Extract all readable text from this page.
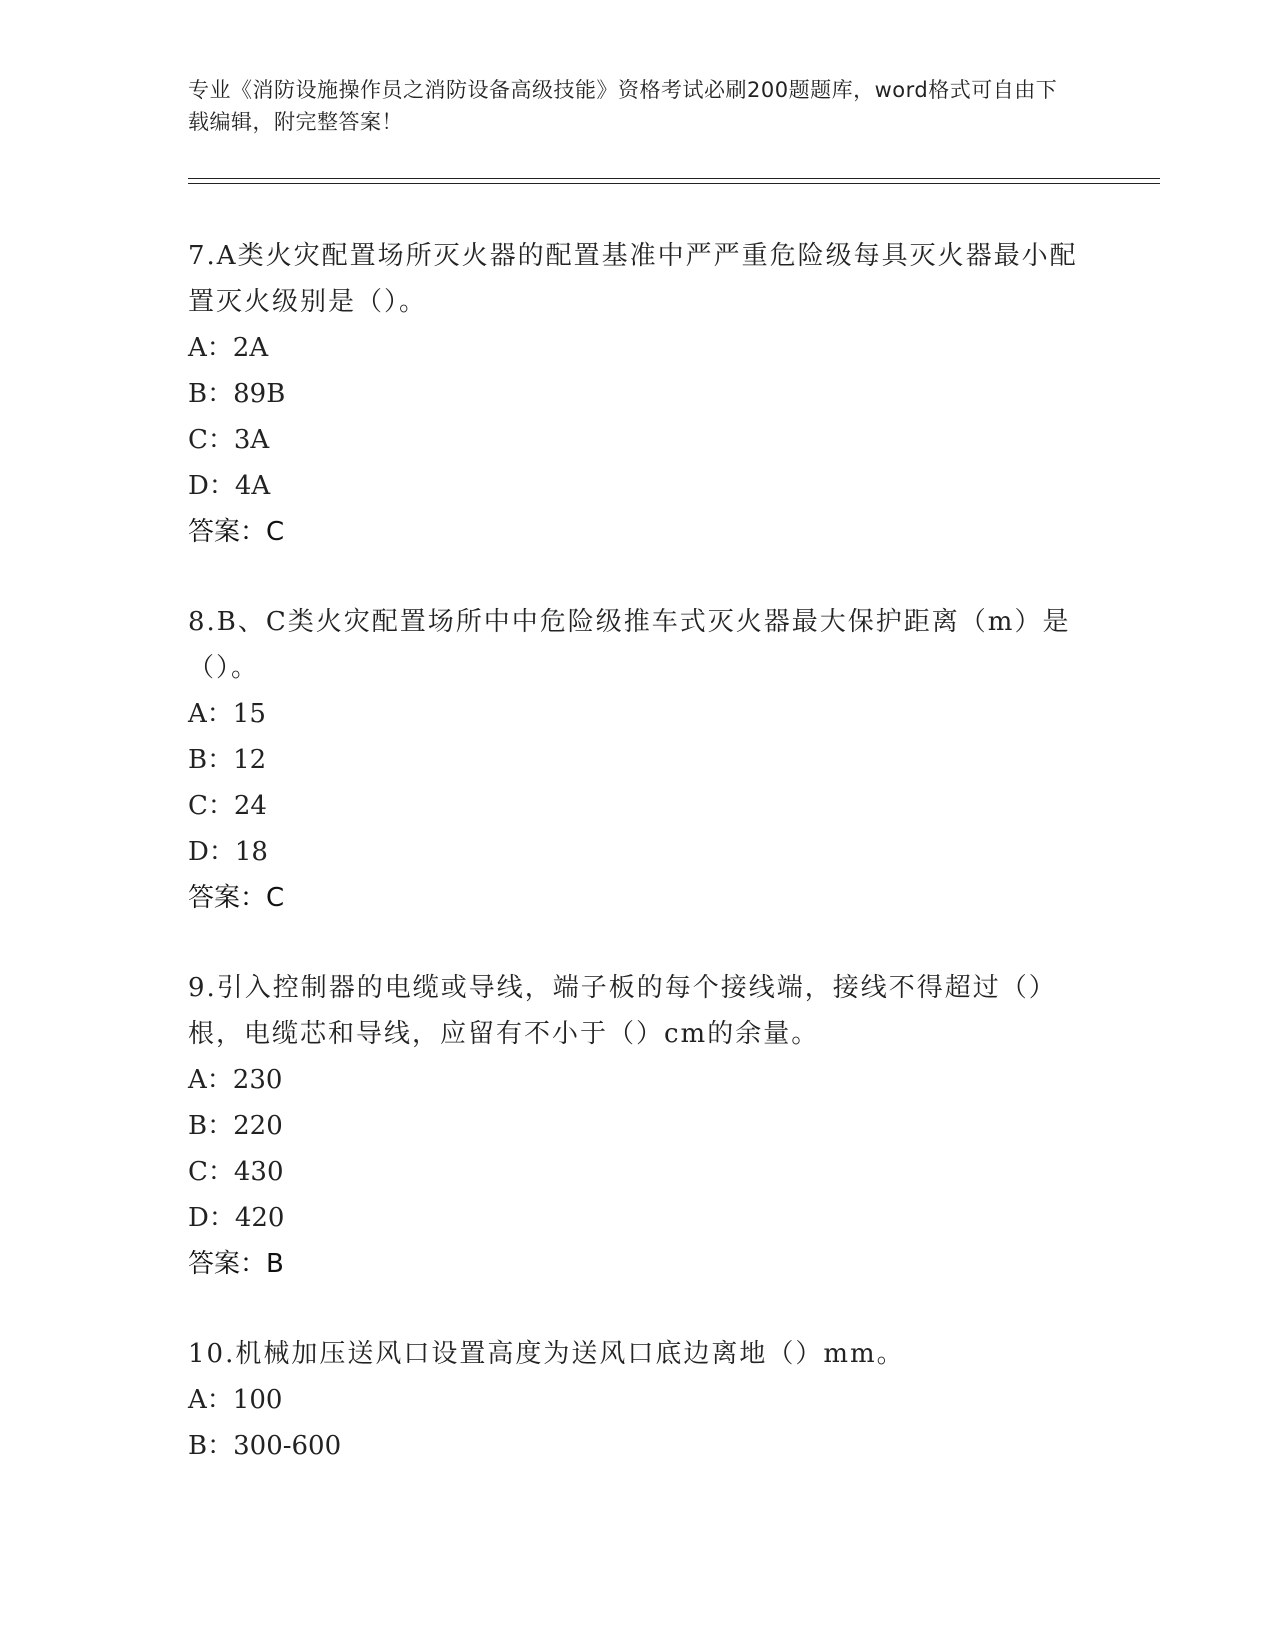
专业《消防设施操作员之消防设备高级技能》资格考试必刷200题题库，word格式可自由下载编辑，附完整答案！

7.A类火灾配置场所灭火器的配置基准中严严重危险级每具灭火器最小配置灭火级别是（）。

A：2A

B：89B

C：3A

D：4A

答案：C

8.B、C类火灾配置场所中中危险级推车式灭火器最大保护距离（m）是（）。

A：15

B：12

C：24

D：18

答案：C

9.引入控制器的电缆或导线，端子板的每个接线端，接线不得超过（）根，电缆芯和导线，应留有不小于（）cm的余量。

A：230

B：220

C：430

D：420

答案：B

10.机械加压送风口设置高度为送风口底边离地（）mm。

A：100

B：300-600
